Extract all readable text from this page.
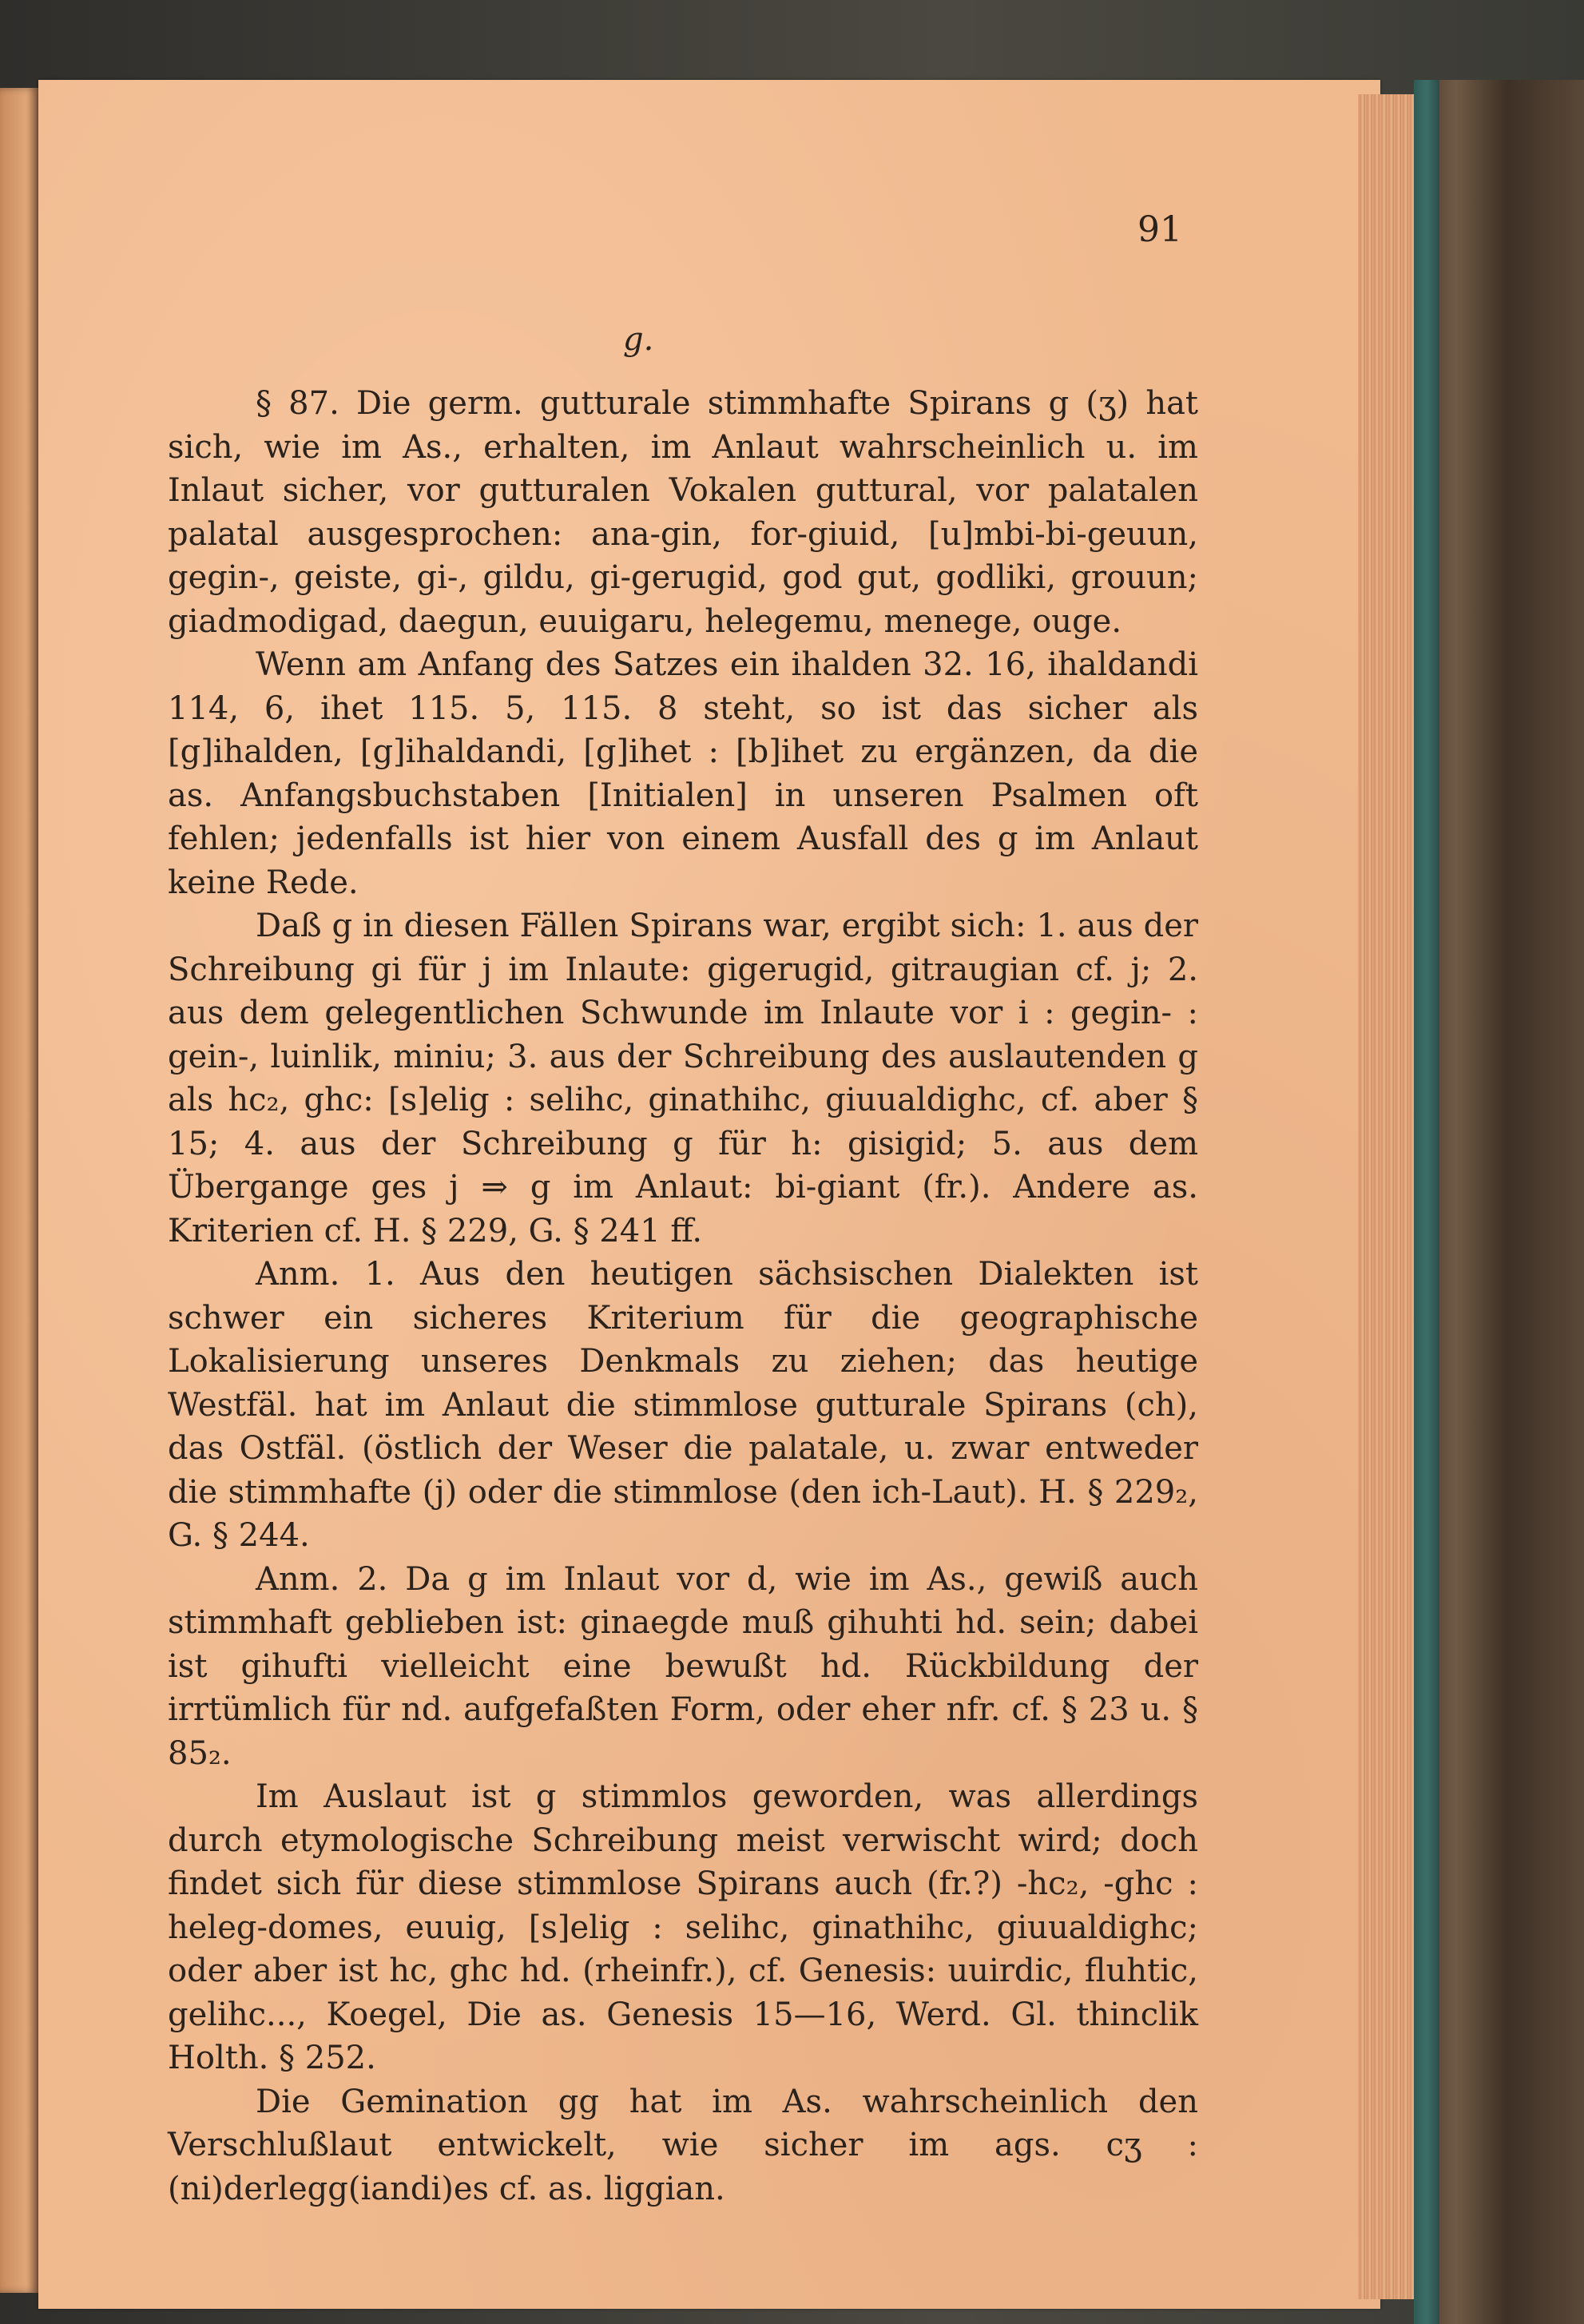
91
g.

§ 87. Die germ. gutturale stimmhafte Spirans g (ʒ) hat sich, wie im As., erhalten, im Anlaut wahrscheinlich u. im Inlaut sicher, vor gutturalen Vokalen guttural, vor palatalen palatal ausgesprochen: ana-gin, for-giuid, [u]mbi-bi-geuun, gegin-, geiste, gi-, gildu, gi-gerugid, god gut, godliki, grouun; giadmodigad, daegun, euuigaru, helegemu, menege, ouge.

Wenn am Anfang des Satzes ein ihalden 32. 16, ihaldandi 114, 6, ihet 115. 5, 115. 8 steht, so ist das sicher als [g]ihalden, [g]ihaldandi, [g]ihet : [b]ihet zu ergänzen, da die as. Anfangsbuchstaben [Initialen] in unseren Psalmen oft fehlen; jedenfalls ist hier von einem Ausfall des g im Anlaut keine Rede.

Daß g in diesen Fällen Spirans war, ergibt sich: 1. aus der Schreibung gi für j im Inlaute: gigerugid, gitraugian cf. j; 2. aus dem gelegentlichen Schwunde im Inlaute vor i : gegin- : gein-, luinlik, miniu; 3. aus der Schreibung des auslautenden g als hc₂, ghc: [s]elig : selihc, ginathihc, giuualdighc, cf. aber § 15; 4. aus der Schreibung g für h: gisigid; 5. aus dem Übergange ges j ⇒ g im Anlaut: bi-giant (fr.). Andere as. Kriterien cf. H. § 229, G. § 241 ff.

Anm. 1. Aus den heutigen sächsischen Dialekten ist schwer ein sicheres Kriterium für die geographische Lokalisierung unseres Denkmals zu ziehen; das heutige Westfäl. hat im Anlaut die stimmlose gutturale Spirans (ch), das Ostfäl. (östlich der Weser die palatale, u. zwar entweder die stimmhafte (j) oder die stimmlose (den ich-Laut). H. § 229₂, G. § 244.

Anm. 2. Da g im Inlaut vor d, wie im As., gewiß auch stimmhaft geblieben ist: ginaegde muß gihuhti hd. sein; dabei ist gihufti vielleicht eine bewußt hd. Rückbildung der irrtümlich für nd. aufgefaßten Form, oder eher nfr. cf. § 23 u. § 85₂.

Im Auslaut ist g stimmlos geworden, was allerdings durch etymologische Schreibung meist verwischt wird; doch findet sich für diese stimmlose Spirans auch (fr.?) -hc₂, -ghc : heleg-domes, euuig, [s]elig : selihc, ginathihc, giuualdighc; oder aber ist hc, ghc hd. (rheinfr.), cf. Genesis: uuirdic, fluhtic, gelihc..., Koegel, Die as. Genesis 15—16, Werd. Gl. thinclik Holth. § 252.

Die Gemination gg hat im As. wahrscheinlich den Verschlußlaut entwickelt, wie sicher im ags. cʒ : (ni)derlegg(iandi)es cf. as. liggian.
